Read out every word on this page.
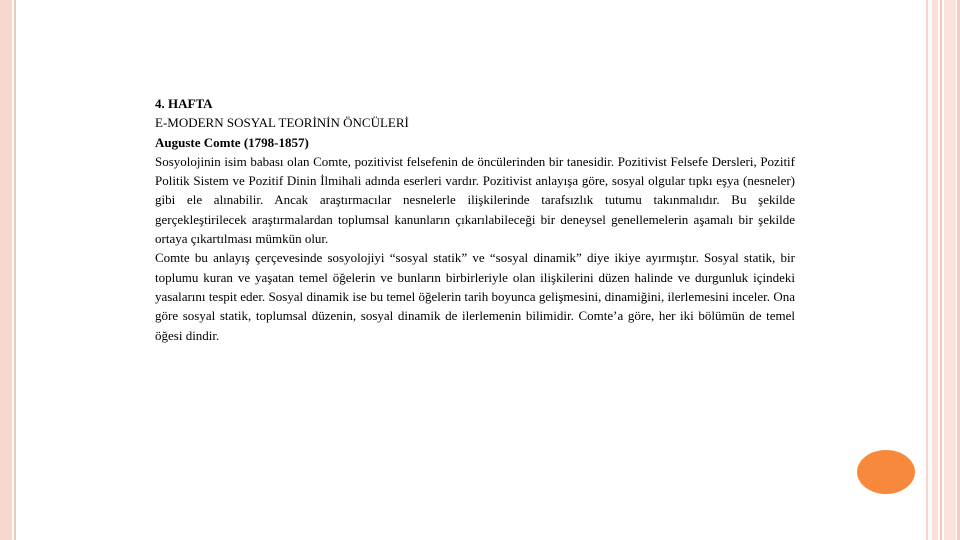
4. HAFTA
E-MODERN SOSYAL TEORİNİN ÖNCÜLERİ
Auguste Comte (1798-1857)
Sosyolojinin isim babası olan Comte, pozitivist felsefenin de öncülerinden bir tanesidir. Pozitivist Felsefe Dersleri, Pozitif Politik Sistem ve Pozitif Dinin İlmihali adında eserleri vardır. Pozitivist anlayışa göre, sosyal olgular tıpkı eşya (nesneler) gibi ele alınabilir. Ancak araştırmacılar nesnelerle ilişkilerinde tarafsızlık tutumu takınmalıdır. Bu şekilde gerçekleştirilecek araştırmalardan toplumsal kanunların çıkarılabileceği bir deneysel genellemelerin aşamalı bir şekilde ortaya çıkartılması mümkün olur.
Comte bu anlayış çerçevesinde sosyolojiyi “sosyal statik” ve “sosyal dinamik” diye ikiye ayırmıştır. Sosyal statik, bir toplumu kuran ve yaşatan temel öğelerin ve bunların birbirleriyle olan ilişkilerini düzen halinde ve durgunluk içindeki yasalarını tespit eder. Sosyal dinamik ise bu temel öğelerin tarih boyunca gelişmesini, dinamiğini, ilerlemesini inceler. Ona göre sosyal statik, toplumsal düzenin, sosyal dinamik de ilerlemenin bilimidir. Comte’a göre, her iki bölümün de temel öğesi dindir.
